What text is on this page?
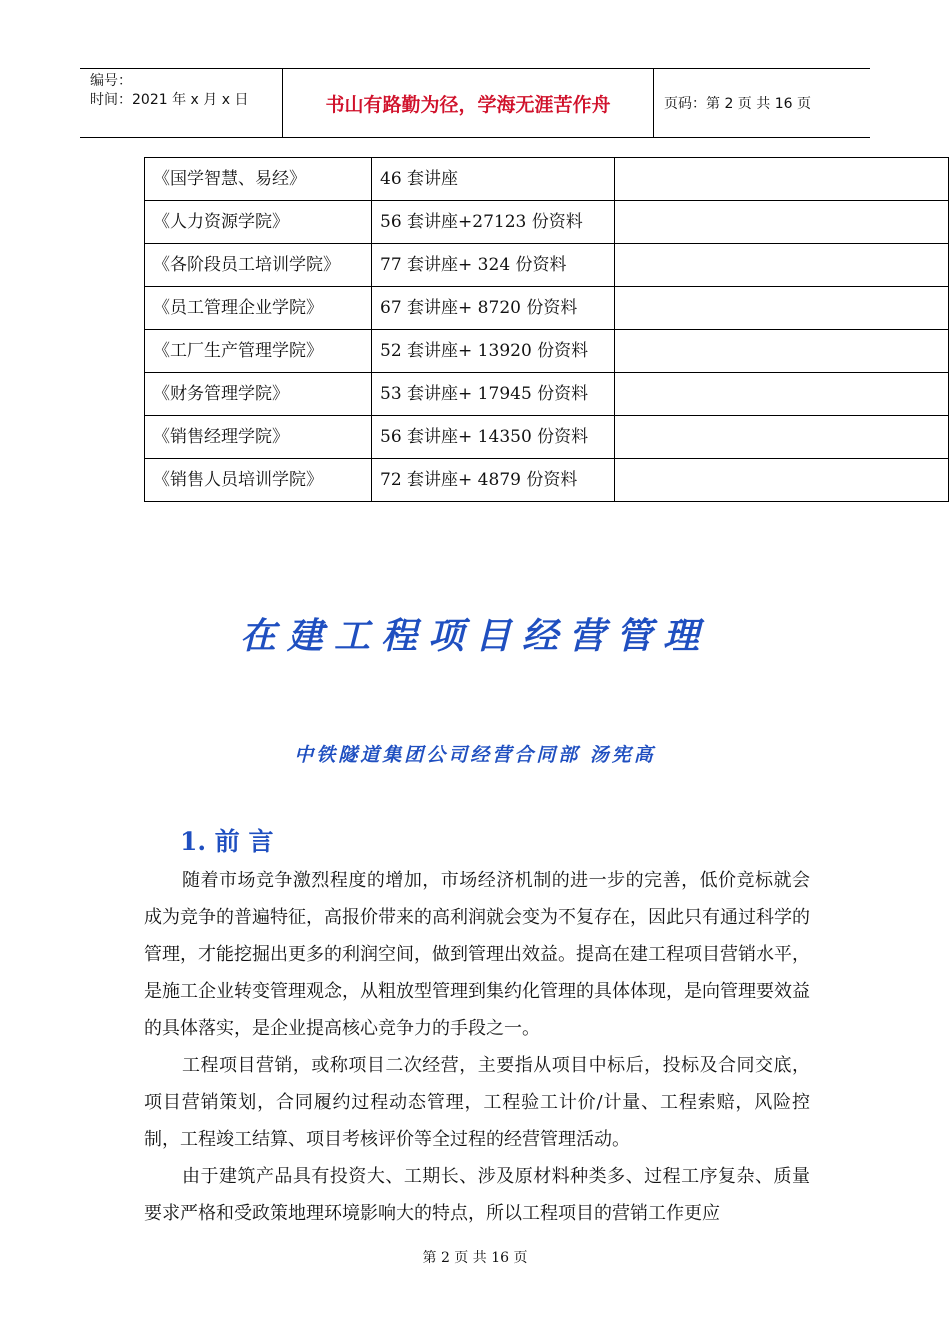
编号：
时间：2021 年 x 月 x 日	书山有路勤为径，学海无涯苦作舟	页码：第 2 页 共 16 页
《国学智慧、易经》	46 套讲座	
《人力资源学院》	56 套讲座+27123 份资料	
《各阶段员工培训学院》	77 套讲座+ 324 份资料	
《员工管理企业学院》	67 套讲座+ 8720 份资料	
《工厂生产管理学院》	52 套讲座+ 13920 份资料	
《财务管理学院》	53 套讲座+ 17945 份资料	
《销售经理学院》	56 套讲座+ 14350 份资料	
《销售人员培训学院》	72 套讲座+ 4879 份资料	
在建工程项目经营管理
中铁隧道集团公司经营合同部 汤宪高
1. 前 言

随着市场竞争激烈程度的增加，市场经济机制的进一步的完善，低价竞标就会成为竞争的普遍特征，高报价带来的高利润就会变为不复存在，因此只有通过科学的管理，才能挖掘出更多的利润空间，做到管理出效益。提高在建工程项目营销水平，是施工企业转变管理观念，从粗放型管理到集约化管理的具体体现，是向管理要效益的具体落实，是企业提高核心竞争力的手段之一。

工程项目营销，或称项目二次经营，主要指从项目中标后，投标及合同交底，项目营销策划，合同履约过程动态管理，工程验工计价/计量、工程索赔，风险控制，工程竣工结算、项目考核评价等全过程的经营管理活动。

由于建筑产品具有投资大、工期长、涉及原材料种类多、过程工序复杂、质量要求严格和受政策地理环境影响大的特点，所以工程项目的营销工作更应

第 2 页 共 16 页
